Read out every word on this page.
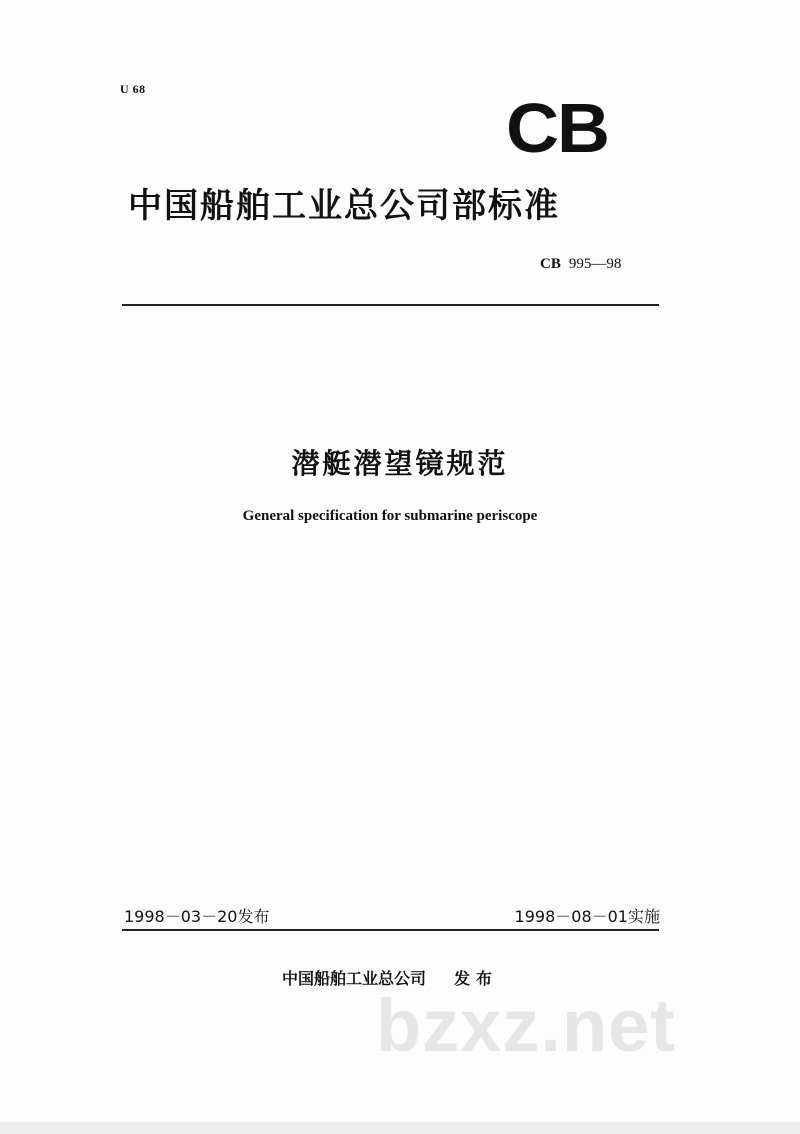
U 68	CB
中国船舶工业总公司部标准
CB 995—98
潜艇潜望镜规范
General specification for submarine periscope
1998－03－20发布	1998－08－01实施
中国船舶工业总公司 发布
bzxz.net
